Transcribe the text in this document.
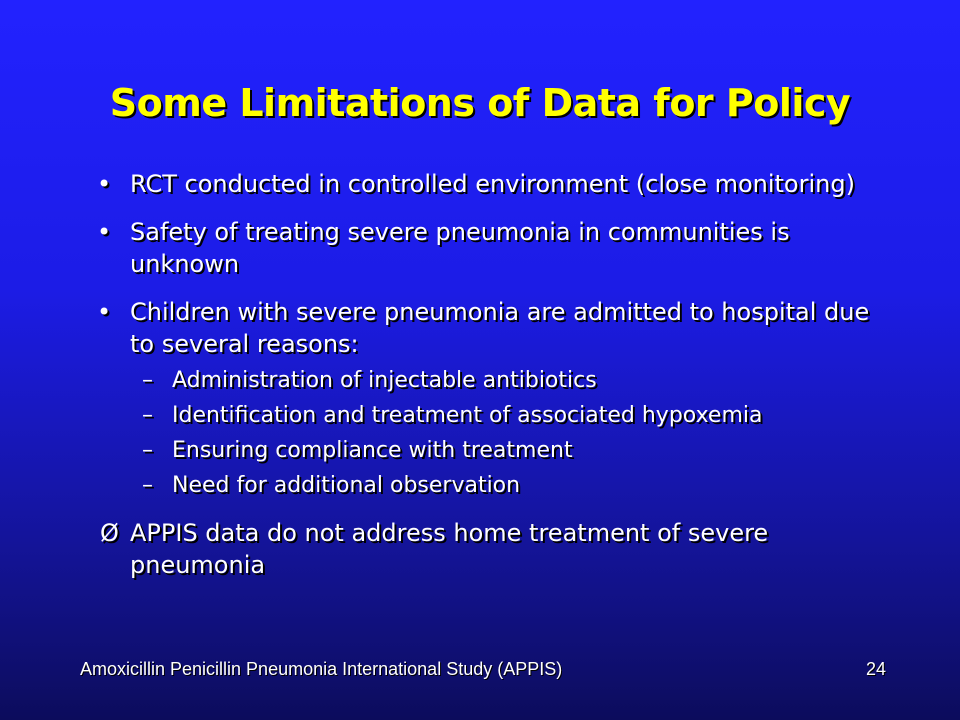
Some Limitations of Data for Policy
• RCT conducted in controlled environment (close monitoring)
• Safety of treating severe pneumonia in communities is unknown
• Children with severe pneumonia are admitted to hospital due to several reasons:
– Administration of injectable antibiotics
– Identification and treatment of associated hypoxemia
– Ensuring compliance with treatment
– Need for additional observation
Ø APPIS data do not address home treatment of severe pneumonia
Amoxicillin Penicillin Pneumonia International Study (APPIS)	24
